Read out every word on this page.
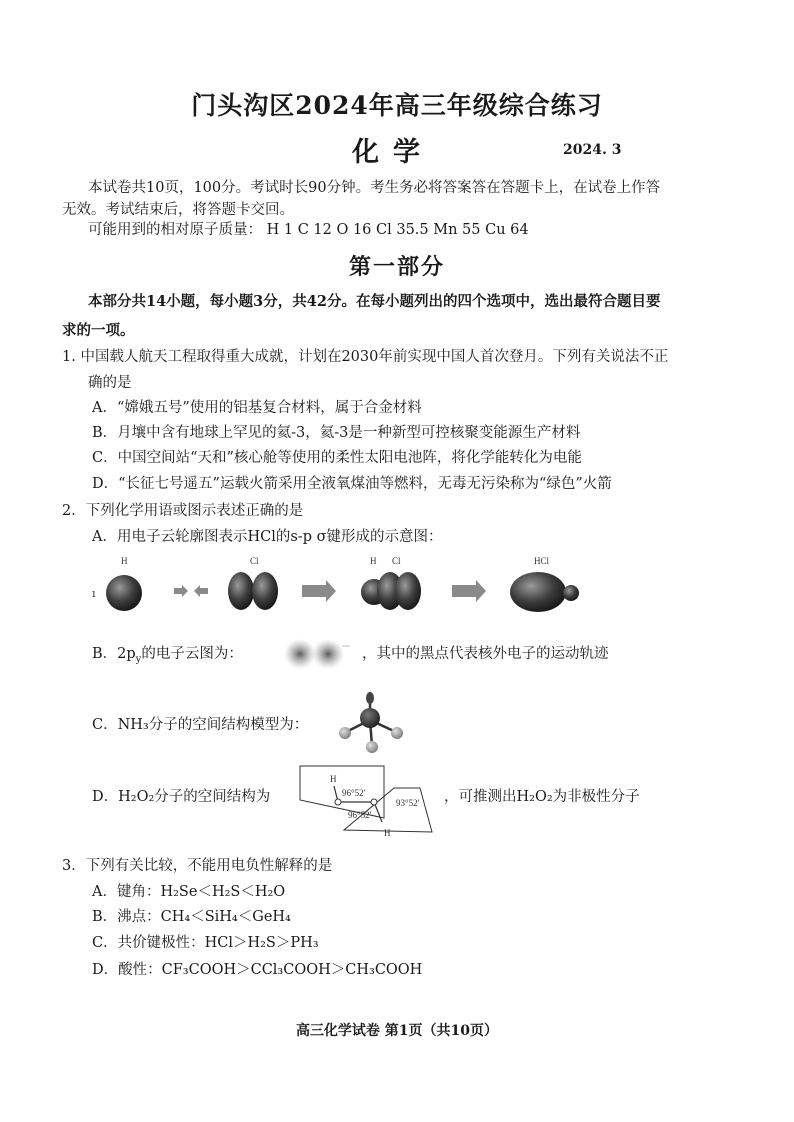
门头沟区2024年高三年级综合练习
化学	2024. 3
本试卷共10页，100分。考试时长90分钟。考生务必将答案答在答题卡上，在试卷上作答
无效。考试结束后，将答题卡交回。
可能用到的相对原子质量： H 1 C 12 O 16 Cl 35.5 Mn 55 Cu 64
第一部分
本部分共14小题，每小题3分，共42分。在每小题列出的四个选项中，选出最符合题目要
求的一项。
1. 中国载人航天工程取得重大成就，计划在2030年前实现中国人首次登月。下列有关说法不正
确的是
A．“嫦娥五号”使用的铝基复合材料，属于合金材料
B．月壤中含有地球上罕见的氦-3，氦-3是一种新型可控核聚变能源生产材料
C．中国空间站“天和”核心舱等使用的柔性太阳电池阵，将化学能转化为电能
D．“长征七号遥五”运载火箭采用全液氧煤油等燃料，无毒无污染称为“绿色”火箭
2．下列化学用语或图示表述正确的是
A．用电子云轮廓图表示HCl的s-p σ键形成的示意图：
ı
H	Cl	H Cl	HCl
B．$2p_y$的电子云图为：	，其中的黑点代表核外电子的运动轨迹
C．NH₃分子的空间结构模型为：
D．H₂O₂分子的空间结构为
H
96°52′
93°52′
96°52′
H
，可推测出H₂O₂为非极性分子
3．下列有关比较，不能用电负性解释的是
A．键角：H₂Se＜H₂S＜H₂O
B．沸点：CH₄＜SiH₄＜GeH₄
C．共价键极性：HCl＞H₂S＞PH₃
D．酸性：CF₃COOH＞CCl₃COOH＞CH₃COOH
高三化学试卷 第1页（共10页）
